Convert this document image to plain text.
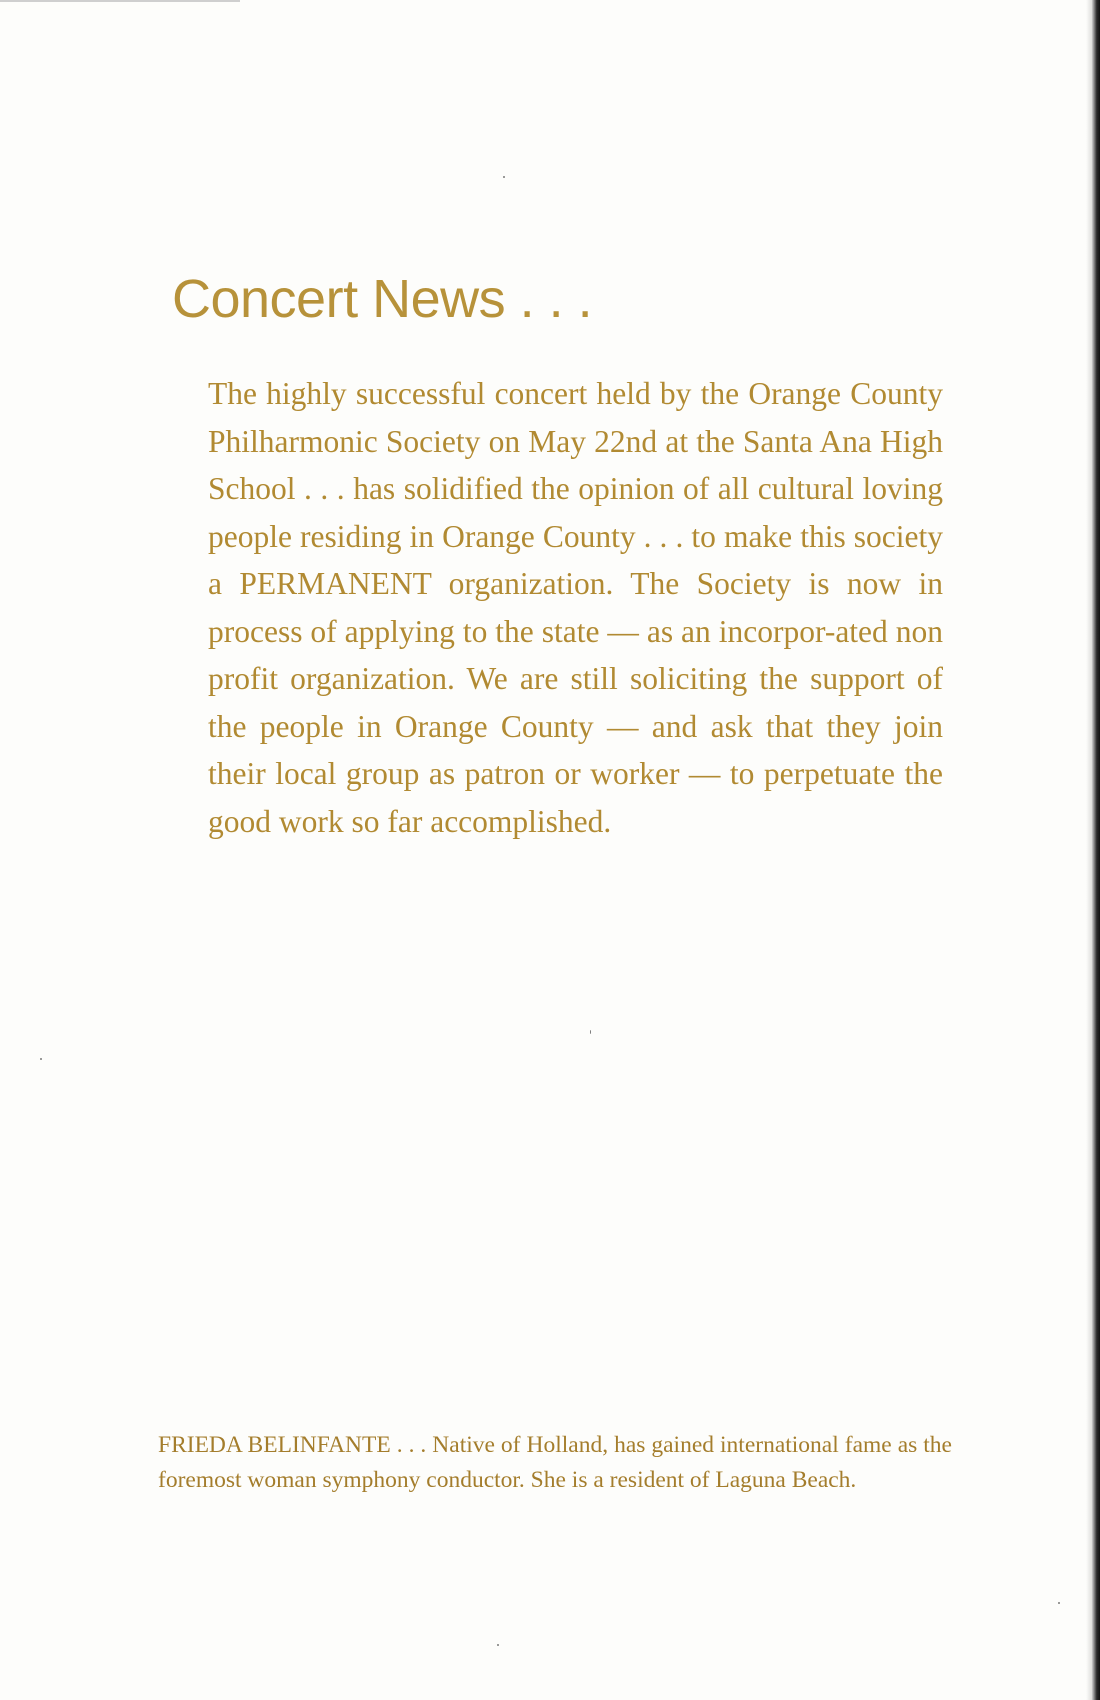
Concert News . . .

The highly successful concert held by the Orange County Philharmonic Society on May 22nd at the Santa Ana High School . . . has solidified the opinion of all cultural loving people residing in Orange County . . . to make this society a PERMANENT organization. The Society is now in process of applying to the state — as an incorpor-ated non profit organization. We are still soliciting the support of the people in Orange County — and ask that they join their local group as patron or worker — to perpetuate the good work so far accomplished.

FRIEDA BELINFANTE . . . Native of Holland, has gained international fame as the foremost woman symphony conductor. She is a resident of Laguna Beach.
